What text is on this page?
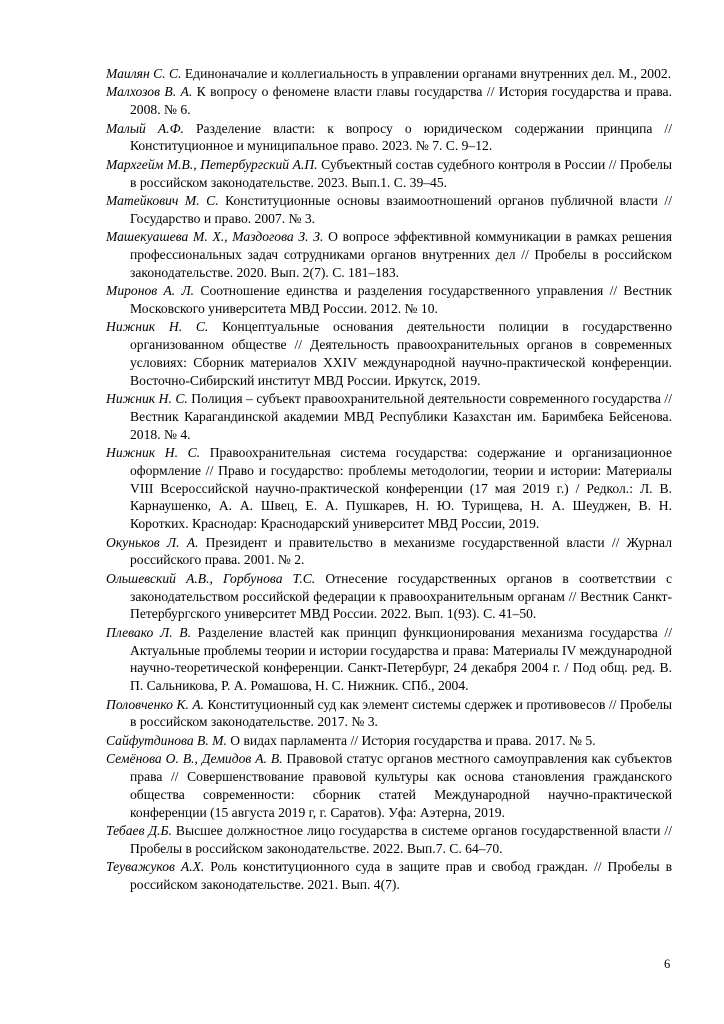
Маилян С. С. Единоначалие и коллегиальность в управлении органами внутренних дел. М., 2002.

Малхозов В. А. К вопросу о феномене власти главы государства // История государства и права. 2008. № 6.

Малый А.Ф. Разделение власти: к вопросу о юридическом содержании принципа // Конституционное и муниципальное право. 2023. № 7. С. 9–12.

Мархгейм М.В., Петербургский А.П. Субъектный состав судебного контроля в России // Пробелы в российском законодательстве. 2023. Вып.1. С. 39–45.

Матейкович М. С. Конституционные основы взаимоотношений органов публичной власти // Государство и право. 2007. № 3.

Машекуашева М. Х., Маздогова З. З. О вопросе эффективной коммуникации в рамках решения профессиональных задач сотрудниками органов внутренних дел // Пробелы в российском законодательстве. 2020. Вып. 2(7). С. 181–183.

Миронов А. Л. Соотношение единства и разделения государственного управления // Вестник Московского университета МВД России. 2012. № 10.

Нижник Н. С. Концептуальные основания деятельности полиции в государственно организованном обществе // Деятельность правоохранительных органов в современных условиях: Сборник материалов XXIV международной научно-практической конференции. Восточно-Сибирский институт МВД России. Иркутск, 2019.

Нижник Н. С. Полиция – субъект правоохранительной деятельности современного государства // Вестник Карагандинской академии МВД Республики Казахстан им. Баримбека Бейсенова. 2018. № 4.

Нижник Н. С. Правоохранительная система государства: содержание и организационное оформление // Право и государство: проблемы методологии, теории и истории: Материалы VIII Всероссийской научно-практической конференции (17 мая 2019 г.) / Редкол.: Л. В. Карнаушенко, А. А. Швец, Е. А. Пушкарев, Н. Ю. Турищева, Н. А. Шеуджен, В. Н. Коротких. Краснодар: Краснодарский университет МВД России, 2019.

Окуньков Л. А. Президент и правительство в механизме государственной власти // Журнал российского права. 2001. № 2.

Ольшевский А.В., Горбунова Т.С. Отнесение государственных органов в соответствии с законодательством российской федерации к правоохранительным органам // Вестник Санкт-Петербургского университет МВД России. 2022. Вып. 1(93). С. 41–50.

Плевако Л. В. Разделение властей как принцип функционирования механизма государства // Актуальные проблемы теории и истории государства и права: Материалы IV международной научно-теоретической конференции. Санкт-Петербург, 24 декабря 2004 г. / Под общ. ред. В. П. Сальникова, Р. А. Ромашова, Н. С. Нижник. СПб., 2004.

Половченко К. А. Конституционный суд как элемент системы сдержек и противовесов // Пробелы в российском законодательстве. 2017. № 3.

Сайфутдинова В. М. О видах парламента // История государства и права. 2017. № 5.

Семёнова О. В., Демидов А. В. Правовой статус органов местного самоуправления как субъектов права // Совершенствование правовой культуры как основа становления гражданского общества современности: сборник статей Международной научно-практической конференции (15 августа 2019 г, г. Саратов). Уфа: Аэтерна, 2019.

Тебаев Д.Б. Высшее должностное лицо государства в системе органов государственной власти // Пробелы в российском законодательстве. 2022. Вып.7. С. 64–70.

Теуважуков А.Х. Роль конституционного суда в защите прав и свобод граждан. // Пробелы в российском законодательстве. 2021. Вып. 4(7).

6
